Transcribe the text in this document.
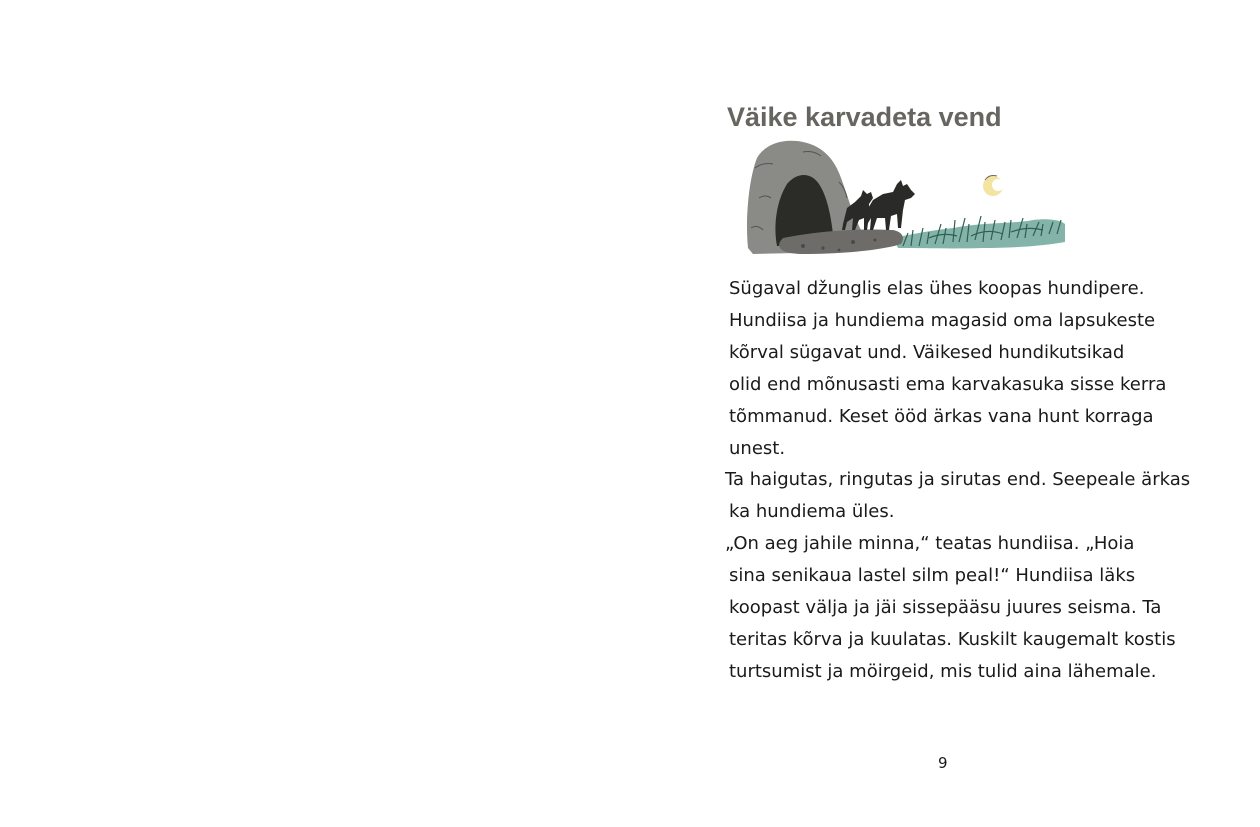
Väike karvadeta vend
Sügaval džunglis elas ühes koopas hundipere.
Hundiisa ja hundiema magasid oma lapsukeste
kõrval sügavat und. Väikesed hundikutsikad
olid end mõnusasti ema karvakasuka sisse kerra
tõmmanud. Keset ööd ärkas vana hunt korraga
unest.
Ta haigutas, ringutas ja sirutas end. Seepeale ärkas
ka hundiema üles.
„On aeg jahile minna,“ teatas hundiisa. „Hoia
sina senikaua lastel silm peal!“ Hundiisa läks
koopast välja ja jäi sissepääsu juures seisma. Ta
teritas kõrva ja kuulatas. Kuskilt kaugemalt kostis
turtsumist ja möirgeid, mis tulid aina lähemale.
9
